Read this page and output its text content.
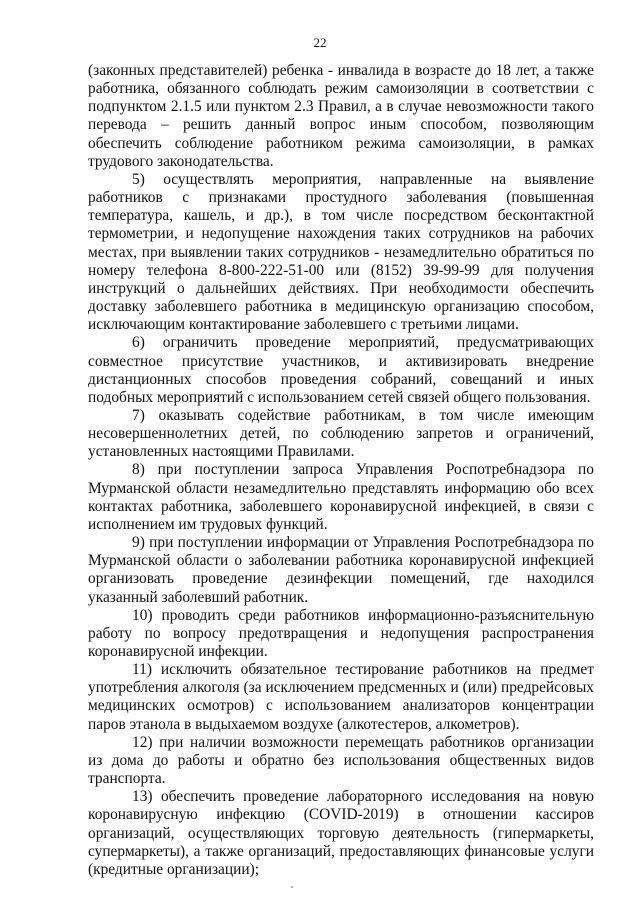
22

(законных представителей) ребенка - инвалида в возрасте до 18 лет, а также работника, обязанного соблюдать режим самоизоляции в соответствии с подпунктом 2.1.5 или пунктом 2.3 Правил, а в случае невозможности такого перевода – решить данный вопрос иным способом, позволяющим обеспечить соблюдение работником режима самоизоляции, в рамках трудового законодательства.

5) осуществлять мероприятия, направленные на выявление работников с признаками простудного заболевания (повышенная температура, кашель, и др.), в том числе посредством бесконтактной термометрии, и недопущение нахождения таких сотрудников на рабочих местах, при выявлении таких сотрудников - незамедлительно обратиться по номеру телефона 8-800-222-51-00 или (8152) 39-99-99 для получения инструкций о дальнейших действиях. При необходимости обеспечить доставку заболевшего работника в медицинскую организацию способом, исключающим контактирование заболевшего с третьими лицами.

6) ограничить проведение мероприятий, предусматривающих совместное присутствие участников, и активизировать внедрение дистанционных способов проведения собраний, совещаний и иных подобных мероприятий с использованием сетей связей общего пользования.

7) оказывать содействие работникам, в том числе имеющим несовершеннолетних детей, по соблюдению запретов и ограничений, установленных настоящими Правилами.

8) при поступлении запроса Управления Роспотребнадзора по Мурманской области незамедлительно представлять информацию обо всех контактах работника, заболевшего коронавирусной инфекцией, в связи с исполнением им трудовых функций.

9) при поступлении информации от Управления Роспотребнадзора по Мурманской области о заболевании работника коронавирусной инфекцией организовать проведение дезинфекции помещений, где находился указанный заболевший работник.

10) проводить среди работников информационно-разъяснительную работу по вопросу предотвращения и недопущения распространения коронавирусной инфекции.

11) исключить обязательное тестирование работников на предмет употребления алкоголя (за исключением предсменных и (или) предрейсовых медицинских осмотров) с использованием анализаторов концентрации паров этанола в выдыхаемом воздухе (алкотестеров, алкометров).

12) при наличии возможности перемещать работников организации из дома до работы и обратно без использования общественных видов транспорта.

13) обеспечить проведение лабораторного исследования на новую коронавирусную инфекцию (COVID-2019) в отношении кассиров организаций, осуществляющих торговую деятельность (гипермаркеты, супермаркеты), а также организаций, предоставляющих финансовые услуги (кредитные организации);
